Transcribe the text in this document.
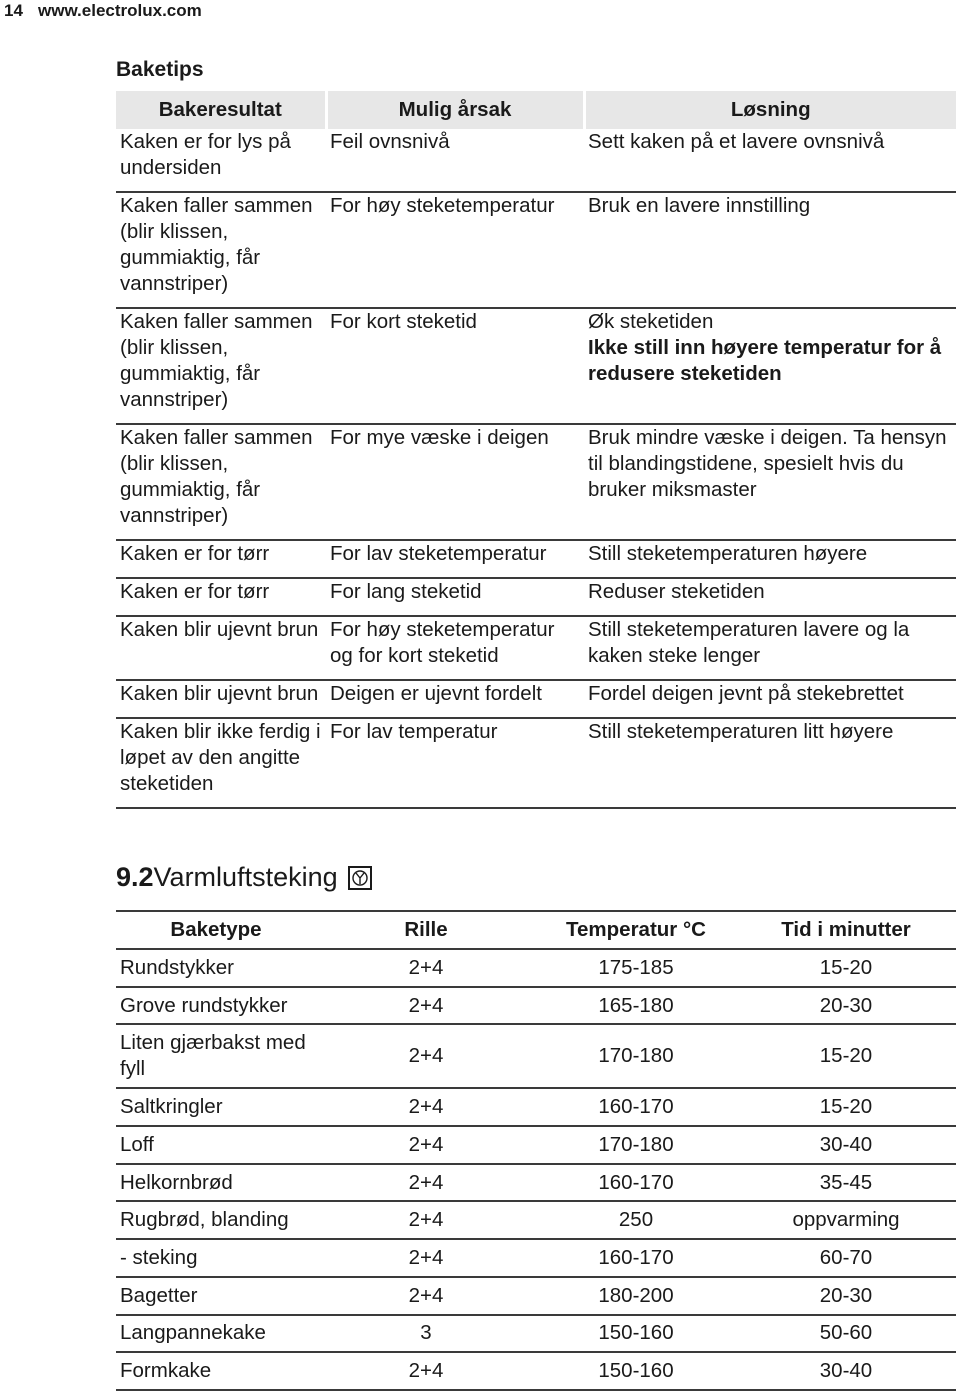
14 www.electrolux.com
Baketips
Bakeresultat	Mulig årsak	Løsning
Kaken er for lys på undersiden	Feil ovnsnivå	Sett kaken på et lavere ovnsnivå
Kaken faller sammen (blir klissen, gummiaktig, får vannstriper)	For høy steketemperatur	Bruk en lavere innstilling
Kaken faller sammen (blir klissen, gummiaktig, får vannstriper)	For kort steketid	Øk steketiden
Ikke still inn høyere temperatur for å redusere steketiden

Kaken faller sammen (blir klissen, gummiaktig, får vannstriper)	For mye væske i deigen	Bruk mindre væske i deigen. Ta hensyn til blandingstidene, spesielt hvis du bruker miksmaster
Kaken er for tørr	For lav steketemperatur	Still steketemperaturen høyere
Kaken er for tørr	For lang steketid	Reduser steketiden
Kaken blir ujevnt brun	For høy steketemperatur og for kort steketid	Still steketemperaturen lavere og la kaken steke lenger
Kaken blir ujevnt brun	Deigen er ujevnt fordelt	Fordel deigen jevnt på stekebrettet
Kaken blir ikke ferdig i løpet av den angitte steketiden	For lav temperatur	Still steketemperaturen litt høyere
9.2 Varmluftsteking
Baketype	Rille	Temperatur °C	Tid i minutter
Rundstykker	2+4	175-185	15-20
Grove rundstykker	2+4	165-180	20-30
Liten gjærbakst med fyll	2+4	170-180	15-20
Saltkringler	2+4	160-170	15-20
Loff	2+4	170-180	30-40
Helkornbrød	2+4	160-170	35-45
Rugbrød, blanding	2+4	250	oppvarming
- steking	2+4	160-170	60-70
Bagetter	2+4	180-200	20-30
Langpannekake	3	150-160	50-60
Formkake	2+4	150-160	30-40
